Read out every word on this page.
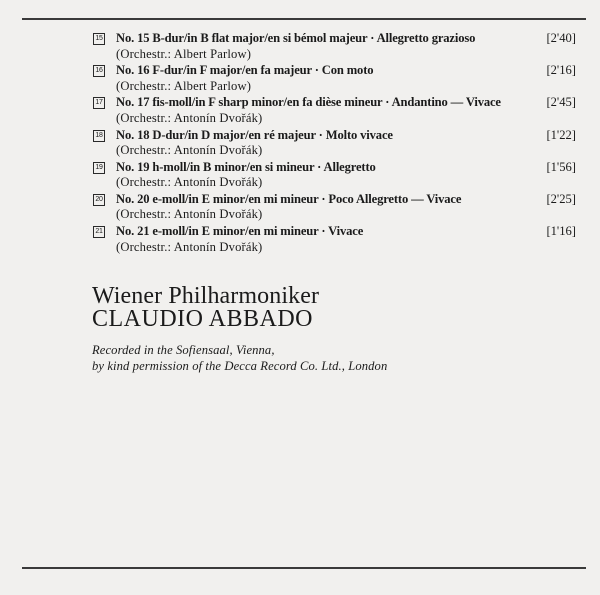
15 No. 15 B-dur/in B flat major/en si bémol majeur · Allegretto grazioso	[2'40]
(Orchestr.: Albert Parlow)
16 No. 16 F-dur/in F major/en fa majeur · Con moto	[2'16]
(Orchestr.: Albert Parlow)
17 No. 17 fis-moll/in F sharp minor/en fa dièse mineur · Andantino — Vivace	[2'45]
(Orchestr.: Antonín Dvořák)
18 No. 18 D-dur/in D major/en ré majeur · Molto vivace	[1'22]
(Orchestr.: Antonín Dvořák)
19 No. 19 h-moll/in B minor/en si mineur · Allegretto	[1'56]
(Orchestr.: Antonín Dvořák)
20 No. 20 e-moll/in E minor/en mi mineur · Poco Allegretto — Vivace	[2'25]
(Orchestr.: Antonín Dvořák)
21 No. 21 e-moll/in E minor/en mi mineur · Vivace	[1'16]
(Orchestr.: Antonín Dvořák)
Wiener Philharmoniker
CLAUDIO ABBADO
Recorded in the Sofiensaal, Vienna,
by kind permission of the Decca Record Co. Ltd., London
